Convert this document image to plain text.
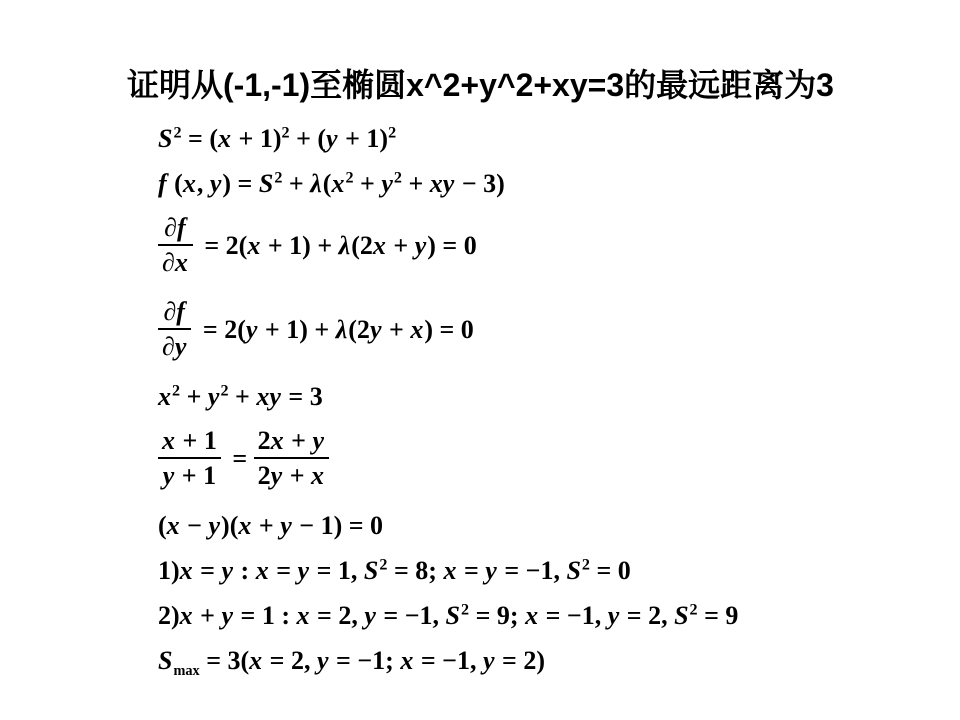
证明从(-1,-1)至椭圆x^2+y^2+xy=3的最远距离为3
$S^2 = (x + 1)^2 + (y + 1)^2$
f (x, $y) = S^2 + \lambda(x^2 + y^2$ + xy − 3)
$\frac{\partial f}{\partial x} = 2(x + 1) + \lambda(2x + y) = 0$
$\frac{\partial f}{\partial y} = 2(y + 1) + \lambda(2y + x) = 0$
$x^2 + y^2$ + xy = 3
$\frac{x + 1}{y + 1} = \frac{2x + y}{2y + x}$
(x − y)(x + y − 1) = 0
1)x = y : x = y = 1, $S^2 = 8$; x = y = −1, $S^2 = 0$
2)x + y = 1 : x = 2, y = −1, $S^2 = 9$; x = −1, y = 2, $S^2 = 9$
$S_{max} = 3(x = 2$, y = −1; x = −1, y = 2)
